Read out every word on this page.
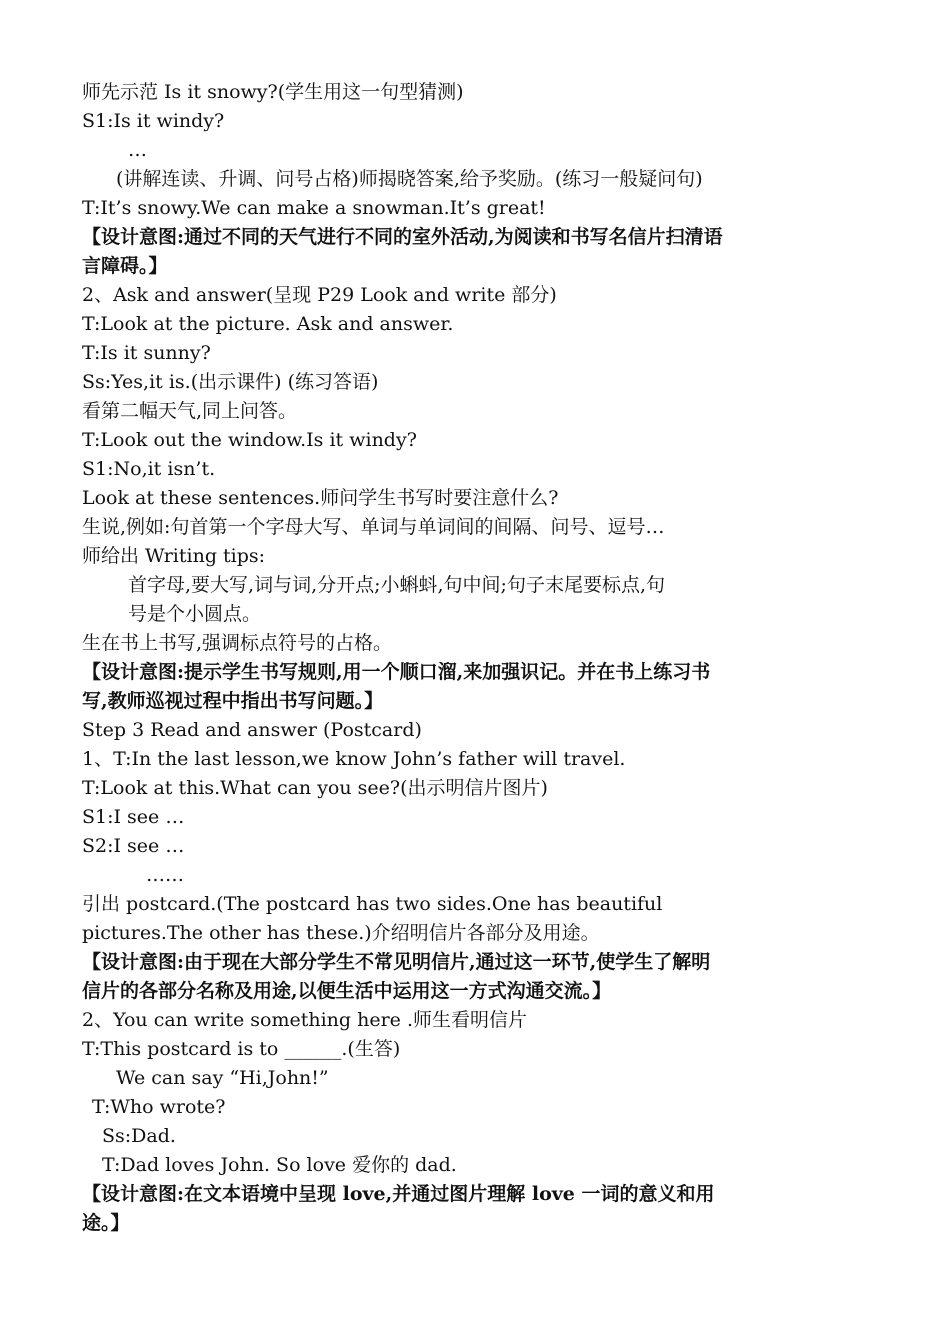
师先示范 Is it snowy?(学生用这一句型猜测)
S1:Is it windy?
…
(讲解连读、升调、问号占格)师揭晓答案,给予奖励。(练习一般疑问句)
T:It’s snowy.We can make a snowman.It’s great!
【设计意图:通过不同的天气进行不同的室外活动,为阅读和书写名信片扫清语
言障碍。】
2、Ask and answer(呈现 P29 Look and write 部分)
T:Look at the picture. Ask and answer.
T:Is it sunny?
Ss:Yes,it is.(出示课件) (练习答语)
看第二幅天气,同上问答。
T:Look out the window.Is it windy?
S1:No,it isn’t.
Look at these sentences.师问学生书写时要注意什么?
生说,例如:句首第一个字母大写、单词与单词间的间隔、问号、逗号…
师给出 Writing tips:
首字母,要大写,词与词,分开点;小蝌蚪,句中间;句子末尾要标点,句
号是个小圆点。
生在书上书写,强调标点符号的占格。
【设计意图:提示学生书写规则,用一个顺口溜,来加强识记。并在书上练习书
写,教师巡视过程中指出书写问题。】
Step 3 Read and answer (Postcard)
1、T:In the last lesson,we know John’s father will travel.
T:Look at this.What can you see?(出示明信片图片)
S1:I see …
S2:I see …
……
引出 postcard.(The postcard has two sides.One has beautiful
pictures.The other has these.)介绍明信片各部分及用途。
【设计意图:由于现在大部分学生不常见明信片,通过这一环节,使学生了解明
信片的各部分名称及用途,以便生活中运用这一方式沟通交流。】
2、You can write something here .师生看明信片
T:This postcard is to ______.(生答)
We can say “Hi,John!”
T:Who wrote?
Ss:Dad.
T:Dad loves John. So love 爱你的 dad.
【设计意图:在文本语境中呈现 love,并通过图片理解 love 一词的意义和用
途。】
